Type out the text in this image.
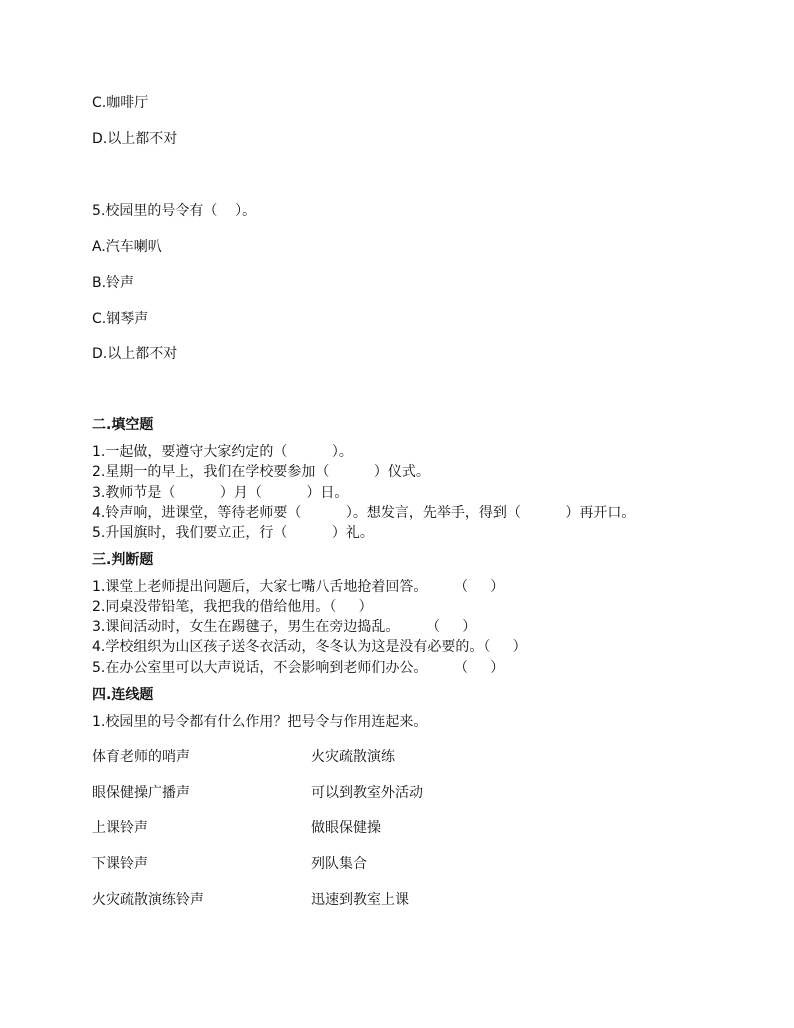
C.咖啡厅
D.以上都不对
5.校园里的号令有（    ）。
A.汽车喇叭
B.铃声
C.钢琴声
D.以上都不对
二.填空题
1.一起做，要遵守大家约定的（          ）。
2.星期一的早上，我们在学校要参加（          ）仪式。
3.教师节是（          ）月（          ）日。
4.铃声响，进课堂，等待老师要（          ）。想发言，先举手，得到（          ）再开口。
5.升国旗时，我们要立正，行（          ）礼。
三.判断题
1.课堂上老师提出问题后，大家七嘴八舌地抢着回答。      （     ）
2.同桌没带铅笔，我把我的借给他用。（     ）
3.课间活动时，女生在踢毽子，男生在旁边捣乱。      （     ）
4.学校组织为山区孩子送冬衣活动，冬冬认为这是没有必要的。（     ）
5.在办公室里可以大声说话，不会影响到老师们办公。      （     ）
四.连线题
1.校园里的号令都有什么作用？把号令与作用连起来。
体育老师的哨声	火灾疏散演练
眼保健操广播声	可以到教室外活动
上课铃声	做眼保健操
下课铃声	列队集合
火灾疏散演练铃声	迅速到教室上课
